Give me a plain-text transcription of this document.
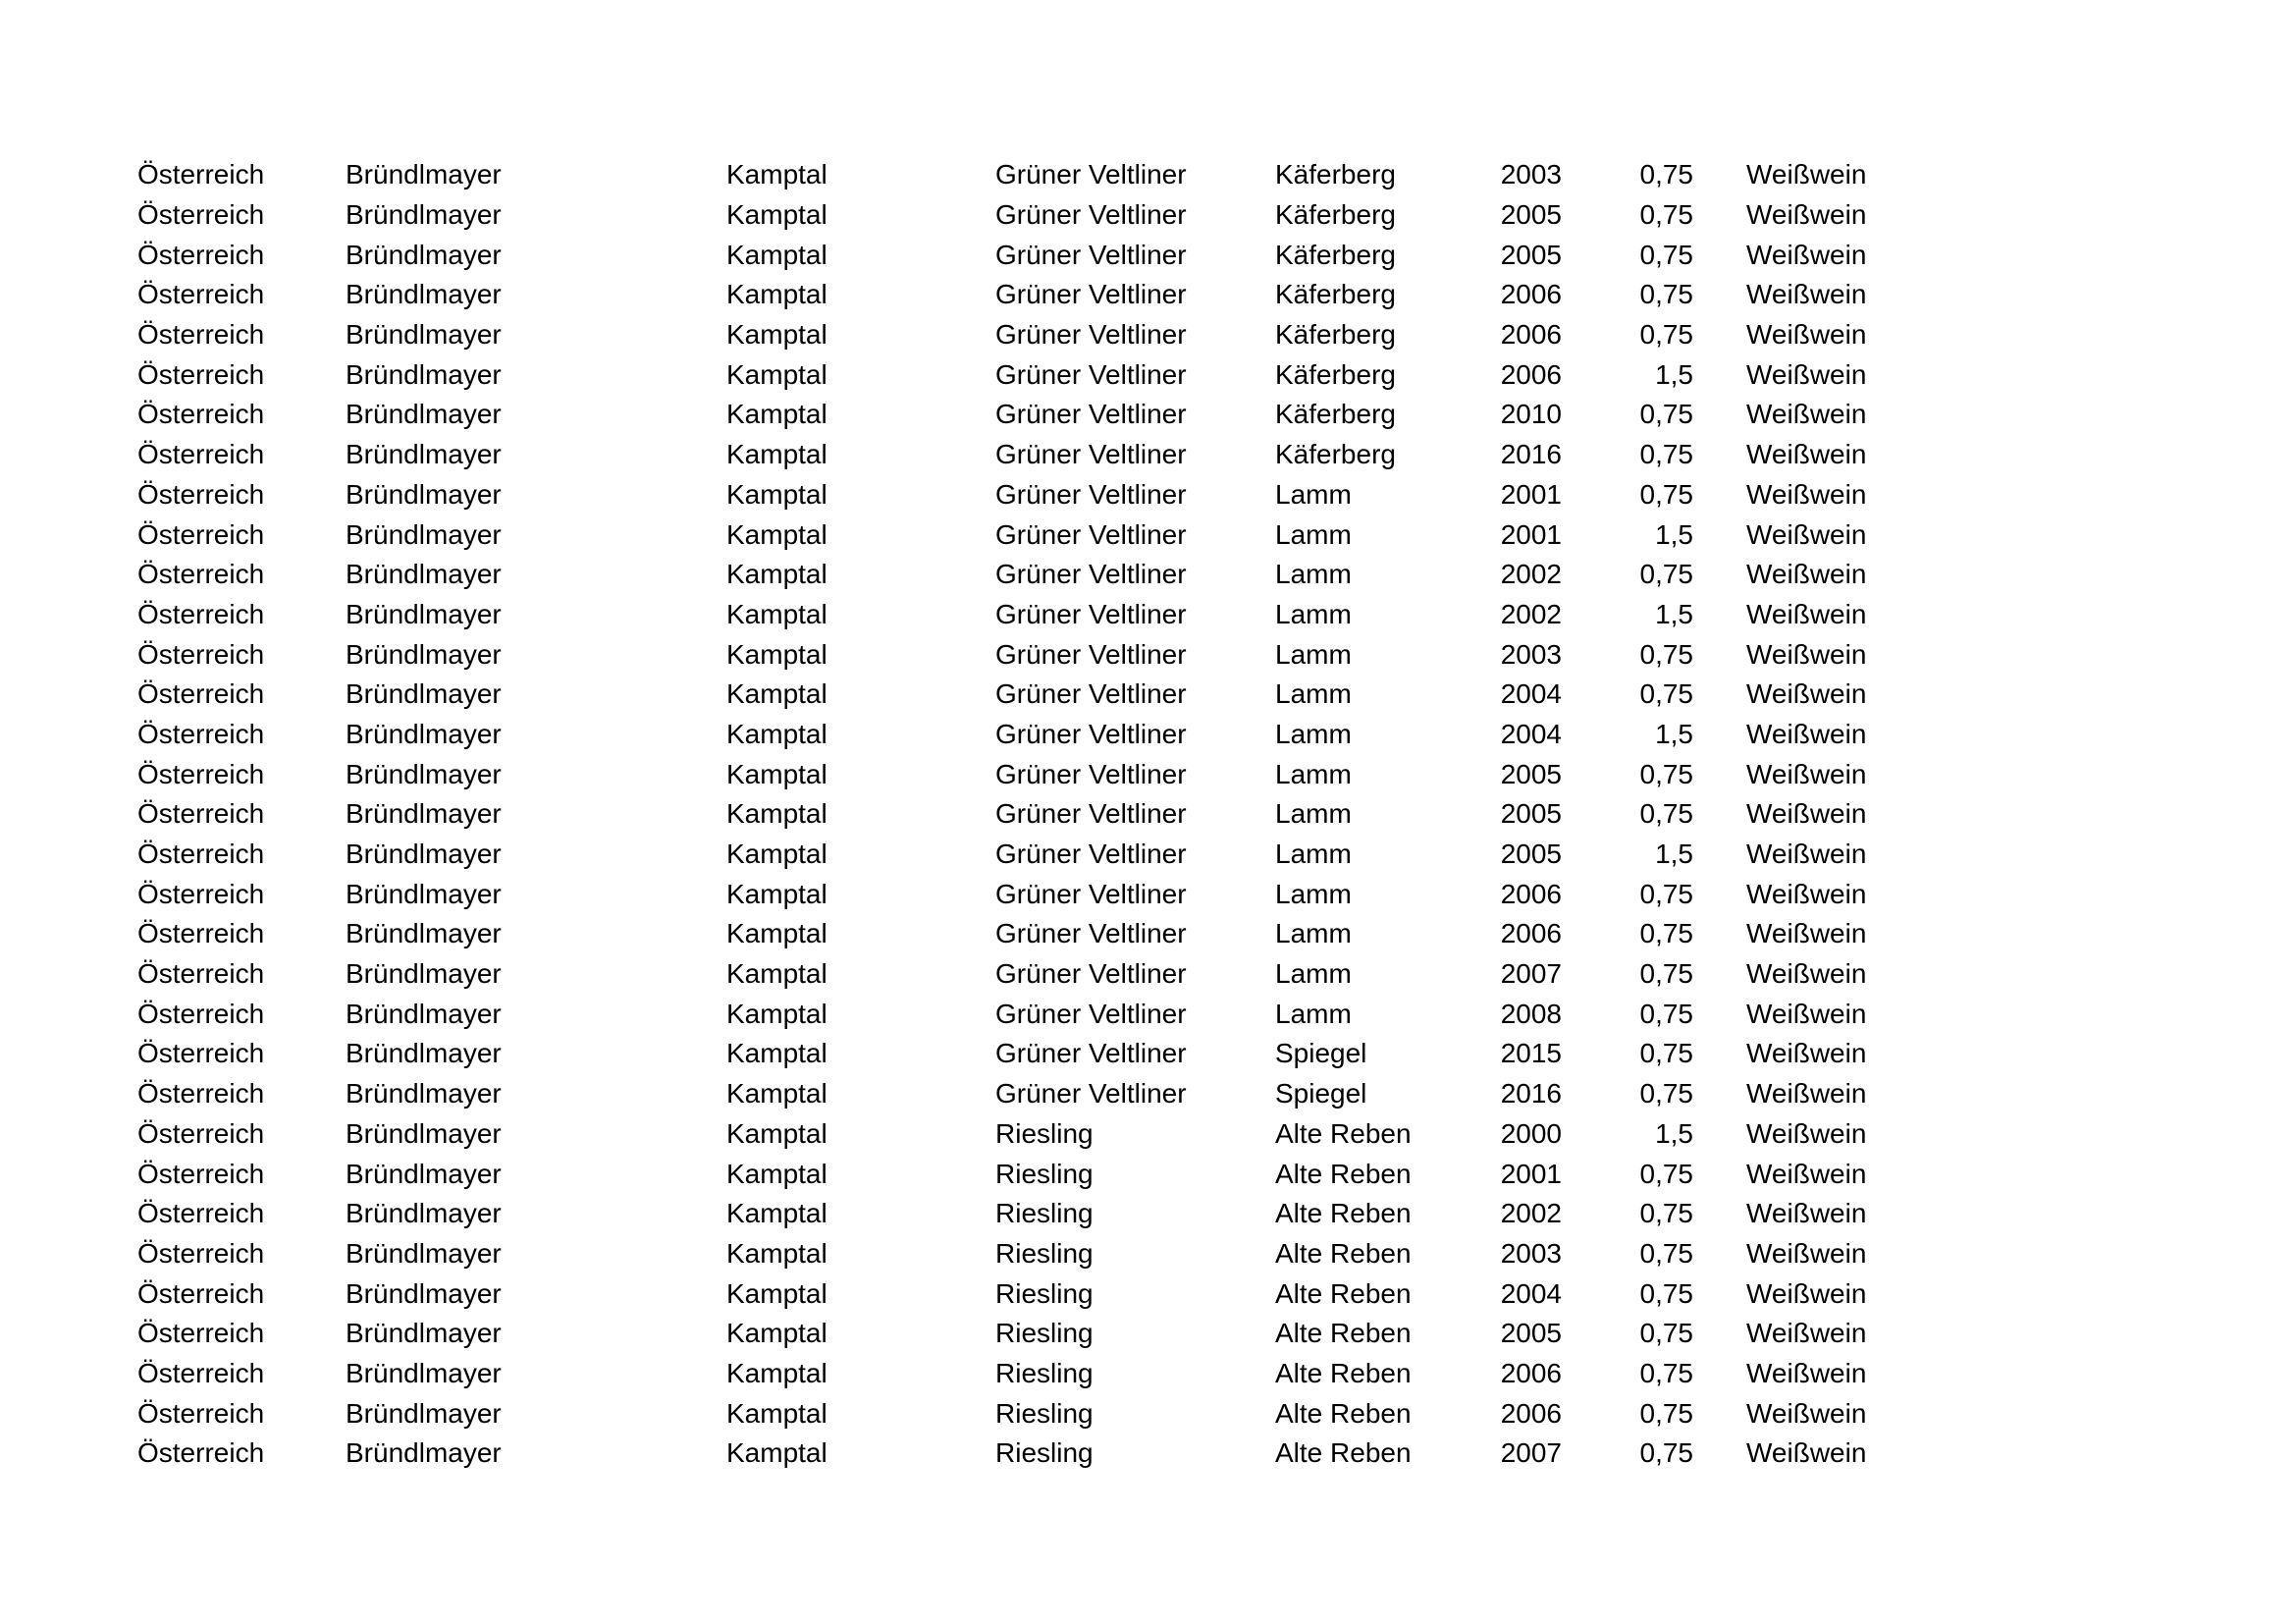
Österreich	Bründlmayer	Kamptal	Grüner Veltliner	Käferberg	2003	0,75	Weißwein
Österreich	Bründlmayer	Kamptal	Grüner Veltliner	Käferberg	2005	0,75	Weißwein
Österreich	Bründlmayer	Kamptal	Grüner Veltliner	Käferberg	2005	0,75	Weißwein
Österreich	Bründlmayer	Kamptal	Grüner Veltliner	Käferberg	2006	0,75	Weißwein
Österreich	Bründlmayer	Kamptal	Grüner Veltliner	Käferberg	2006	0,75	Weißwein
Österreich	Bründlmayer	Kamptal	Grüner Veltliner	Käferberg	2006	1,5	Weißwein
Österreich	Bründlmayer	Kamptal	Grüner Veltliner	Käferberg	2010	0,75	Weißwein
Österreich	Bründlmayer	Kamptal	Grüner Veltliner	Käferberg	2016	0,75	Weißwein
Österreich	Bründlmayer	Kamptal	Grüner Veltliner	Lamm	2001	0,75	Weißwein
Österreich	Bründlmayer	Kamptal	Grüner Veltliner	Lamm	2001	1,5	Weißwein
Österreich	Bründlmayer	Kamptal	Grüner Veltliner	Lamm	2002	0,75	Weißwein
Österreich	Bründlmayer	Kamptal	Grüner Veltliner	Lamm	2002	1,5	Weißwein
Österreich	Bründlmayer	Kamptal	Grüner Veltliner	Lamm	2003	0,75	Weißwein
Österreich	Bründlmayer	Kamptal	Grüner Veltliner	Lamm	2004	0,75	Weißwein
Österreich	Bründlmayer	Kamptal	Grüner Veltliner	Lamm	2004	1,5	Weißwein
Österreich	Bründlmayer	Kamptal	Grüner Veltliner	Lamm	2005	0,75	Weißwein
Österreich	Bründlmayer	Kamptal	Grüner Veltliner	Lamm	2005	0,75	Weißwein
Österreich	Bründlmayer	Kamptal	Grüner Veltliner	Lamm	2005	1,5	Weißwein
Österreich	Bründlmayer	Kamptal	Grüner Veltliner	Lamm	2006	0,75	Weißwein
Österreich	Bründlmayer	Kamptal	Grüner Veltliner	Lamm	2006	0,75	Weißwein
Österreich	Bründlmayer	Kamptal	Grüner Veltliner	Lamm	2007	0,75	Weißwein
Österreich	Bründlmayer	Kamptal	Grüner Veltliner	Lamm	2008	0,75	Weißwein
Österreich	Bründlmayer	Kamptal	Grüner Veltliner	Spiegel	2015	0,75	Weißwein
Österreich	Bründlmayer	Kamptal	Grüner Veltliner	Spiegel	2016	0,75	Weißwein
Österreich	Bründlmayer	Kamptal	Riesling	Alte Reben	2000	1,5	Weißwein
Österreich	Bründlmayer	Kamptal	Riesling	Alte Reben	2001	0,75	Weißwein
Österreich	Bründlmayer	Kamptal	Riesling	Alte Reben	2002	0,75	Weißwein
Österreich	Bründlmayer	Kamptal	Riesling	Alte Reben	2003	0,75	Weißwein
Österreich	Bründlmayer	Kamptal	Riesling	Alte Reben	2004	0,75	Weißwein
Österreich	Bründlmayer	Kamptal	Riesling	Alte Reben	2005	0,75	Weißwein
Österreich	Bründlmayer	Kamptal	Riesling	Alte Reben	2006	0,75	Weißwein
Österreich	Bründlmayer	Kamptal	Riesling	Alte Reben	2006	0,75	Weißwein
Österreich	Bründlmayer	Kamptal	Riesling	Alte Reben	2007	0,75	Weißwein
